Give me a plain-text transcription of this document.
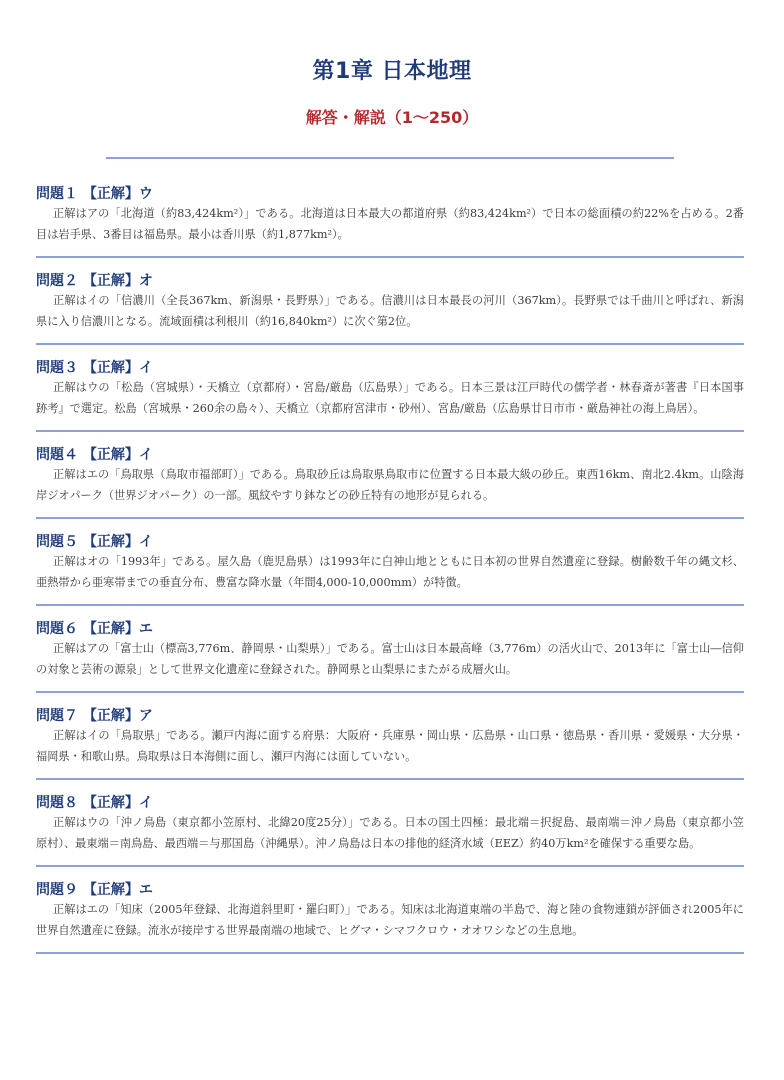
第1章 日本地理
解答・解説（1〜250）
問題１ 【正解】ウ
正解はアの「北海道（約83,424km²）」である。北海道は日本最大の都道府県（約83,424km²）で日本の総面積の約22%を占める。2番目は岩手県、3番目は福島県。最小は香川県（約1,877km²）。
問題２ 【正解】オ
正解はイの「信濃川（全長367km、新潟県・長野県）」である。信濃川は日本最長の河川（367km）。長野県では千曲川と呼ばれ、新潟県に入り信濃川となる。流域面積は利根川（約16,840km²）に次ぐ第2位。
問題３ 【正解】イ
正解はウの「松島（宮城県）・天橋立（京都府）・宮島/厳島（広島県）」である。日本三景は江戸時代の儒学者・林春斎が著書『日本国事跡考』で選定。松島（宮城県・260余の島々）、天橋立（京都府宮津市・砂州）、宮島/厳島（広島県廿日市市・厳島神社の海上鳥居）。
問題４ 【正解】イ
正解はエの「鳥取県（鳥取市福部町）」である。鳥取砂丘は鳥取県鳥取市に位置する日本最大級の砂丘。東西16km、南北2.4km。山陰海岸ジオパーク（世界ジオパーク）の一部。風紋やすり鉢などの砂丘特有の地形が見られる。
問題５ 【正解】イ
正解はオの「1993年」である。屋久島（鹿児島県）は1993年に白神山地とともに日本初の世界自然遺産に登録。樹齢数千年の縄文杉、亜熱帯から亜寒帯までの垂直分布、豊富な降水量（年間4,000-10,000mm）が特徴。
問題６ 【正解】エ
正解はアの「富士山（標高3,776m、静岡県・山梨県）」である。富士山は日本最高峰（3,776m）の活火山で、2013年に「富士山―信仰の対象と芸術の源泉」として世界文化遺産に登録された。静岡県と山梨県にまたがる成層火山。
問題７ 【正解】ア
正解はイの「鳥取県」である。瀬戸内海に面する府県：大阪府・兵庫県・岡山県・広島県・山口県・徳島県・香川県・愛媛県・大分県・福岡県・和歌山県。鳥取県は日本海側に面し、瀬戸内海には面していない。
問題８ 【正解】イ
正解はウの「沖ノ鳥島（東京都小笠原村、北緯20度25分）」である。日本の国土四極：最北端＝択捉島、最南端＝沖ノ鳥島（東京都小笠原村）、最東端＝南鳥島、最西端＝与那国島（沖縄県）。沖ノ鳥島は日本の排他的経済水域（EEZ）約40万km²を確保する重要な島。
問題９ 【正解】エ
正解はエの「知床（2005年登録、北海道斜里町・羅臼町）」である。知床は北海道東端の半島で、海と陸の食物連鎖が評価され2005年に世界自然遺産に登録。流氷が接岸する世界最南端の地域で、ヒグマ・シマフクロウ・オオワシなどの生息地。
